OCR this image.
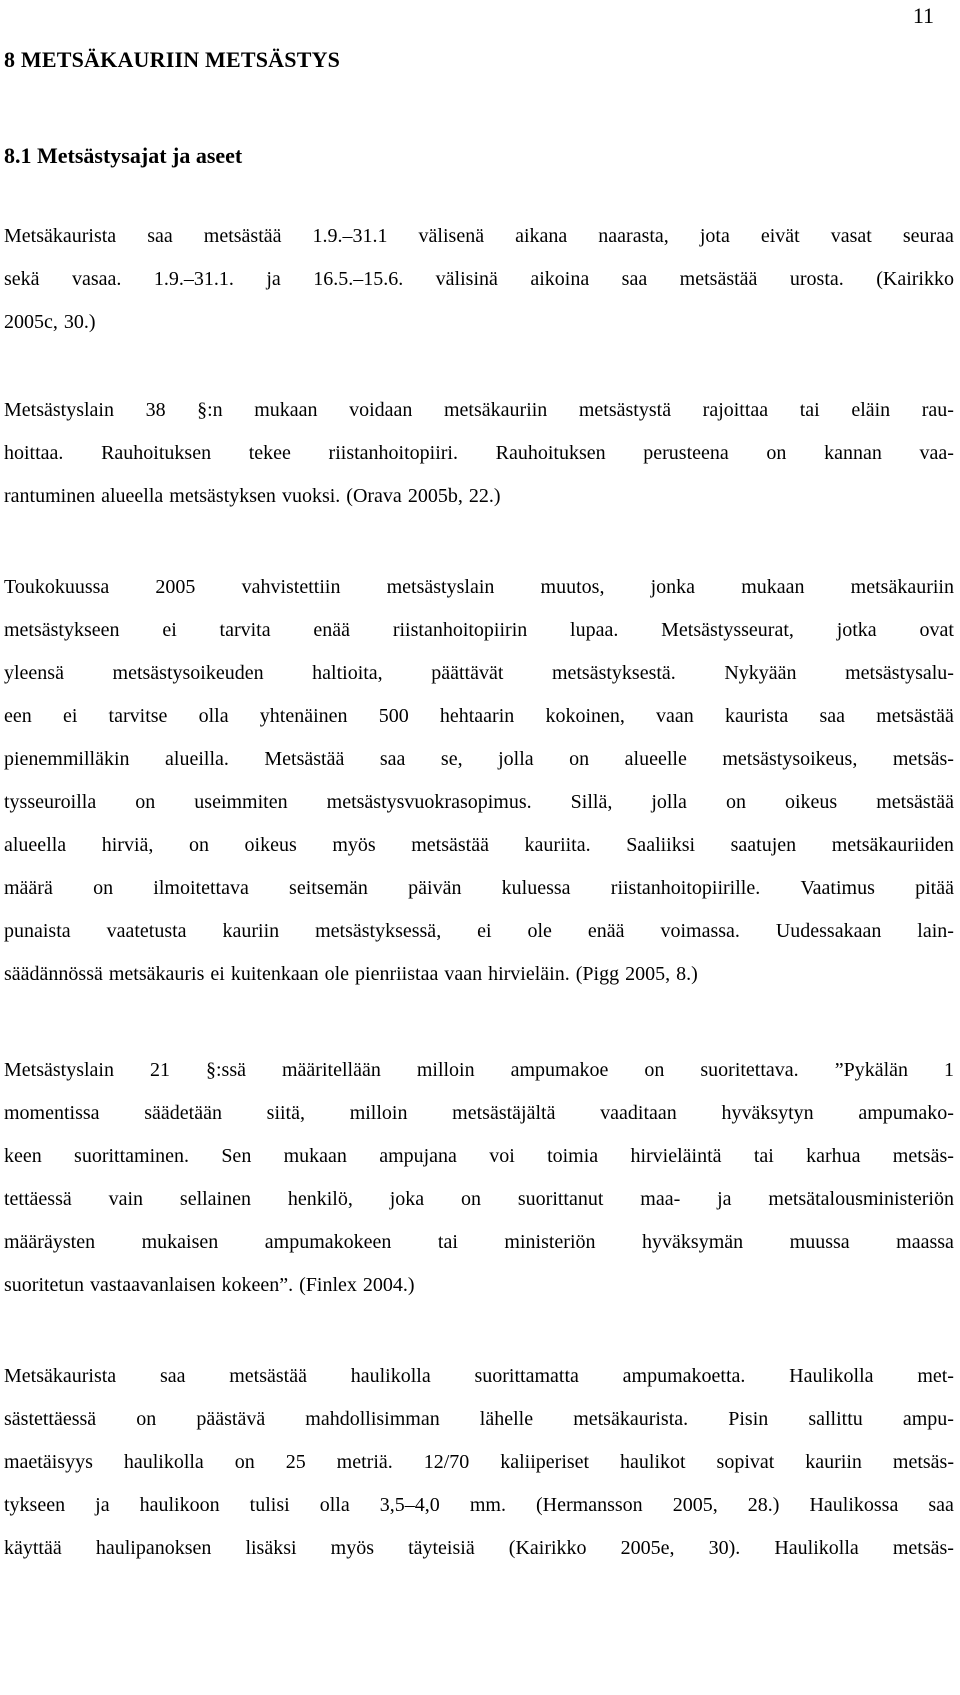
11
8 METSÄKAURIIN METSÄSTYS
8.1 Metsästysajat ja aseet
Metsäkaurista saa metsästää 1.9.–31.1 välisenä aikana naarasta, jota eivät vasat seuraa
sekä vasaa. 1.9.–31.1. ja 16.5.–15.6. välisinä aikoina saa metsästää urosta. (Kairikko
2005c, 30.)
Metsästyslain 38 §:n mukaan voidaan metsäkauriin metsästystä rajoittaa tai eläin rau-
hoittaa. Rauhoituksen tekee riistanhoitopiiri. Rauhoituksen perusteena on kannan vaa-
rantuminen alueella metsästyksen vuoksi. (Orava 2005b, 22.)
Toukokuussa 2005 vahvistettiin metsästyslain muutos, jonka mukaan metsäkauriin
metsästykseen ei tarvita enää riistanhoitopiirin lupaa. Metsästysseurat, jotka ovat
yleensä metsästysoikeuden haltioita, päättävät metsästyksestä. Nykyään metsästysalu-
een ei tarvitse olla yhtenäinen 500 hehtaarin kokoinen, vaan kaurista saa metsästää
pienemmilläkin alueilla. Metsästää saa se, jolla on alueelle metsästysoikeus, metsäs-
tysseuroilla on useimmiten metsästysvuokrasopimus. Sillä, jolla on oikeus metsästää
alueella hirviä, on oikeus myös metsästää kauriita. Saaliiksi saatujen metsäkauriiden
määrä on ilmoitettava seitsemän päivän kuluessa riistanhoitopiirille. Vaatimus pitää
punaista vaatetusta kauriin metsästyksessä, ei ole enää voimassa. Uudessakaan lain-
säädännössä metsäkauris ei kuitenkaan ole pienriistaa vaan hirvieläin. (Pigg 2005, 8.)
Metsästyslain 21 §:ssä määritellään milloin ampumakoe on suoritettava. ”Pykälän 1
momentissa säädetään siitä, milloin metsästäjältä vaaditaan hyväksytyn ampumako-
keen suorittaminen. Sen mukaan ampujana voi toimia hirvieläintä tai karhua metsäs-
tettäessä vain sellainen henkilö, joka on suorittanut maa- ja metsätalousministeriön
määräysten mukaisen ampumakokeen tai ministeriön hyväksymän muussa maassa
suoritetun vastaavanlaisen kokeen”. (Finlex 2004.)
Metsäkaurista saa metsästää haulikolla suorittamatta ampumakoetta. Haulikolla met-
sästettäessä on päästävä mahdollisimman lähelle metsäkaurista. Pisin sallittu ampu-
maetäisyys haulikolla on 25 metriä. 12/70 kaliiperiset haulikot sopivat kauriin metsäs-
tykseen ja haulikoon tulisi olla 3,5–4,0 mm. (Hermansson 2005, 28.) Haulikossa saa
käyttää haulipanoksen lisäksi myös täyteisiä (Kairikko 2005e, 30). Haulikolla metsäs-
